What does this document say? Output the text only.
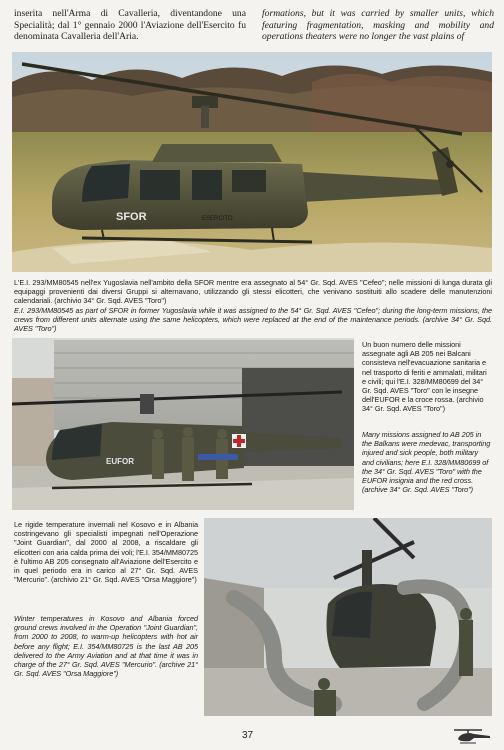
inserita nell'Arma di Cavalleria, diventandone una Specialità; dal 1° gennaio 2000 l'Aviazione dell'Esercito fu denominata Cavalleria dell'Aria.

formations, but it was carried by smaller units, which featuring fragmentation, masking and mobility and operations theaters were no longer the vast plains of

SFOR	ESERCITO

L'E.I. 293/MM80545 nell'ex Yugoslavia nell'ambito della SFOR mentre era assegnato al 54° Gr. Sqd. AVES "Cefeo"; nelle missioni di lunga durata gli equipaggi provenienti dai diversi Gruppi si alternavano, utilizzando gli stessi elicotteri, che venivano sostituiti allo scadere delle manutenzioni calendariali. (archivio 34° Gr. Sqd. AVES "Toro")

E.I. 293/MM80545 as part of SFOR in former Yugoslavia while it was assigned to the 54° Gr. Sqd. AVES "Cefeo"; during the long-term missions, the crews from different units alternate using the same helicopters, which were replaced at the end of the maintenance periods. (archive 34° Gr. Sqd. AVES "Toro")

EUFOR

Un buon numero delle missioni assegnate agli AB 205 nei Balcani consisteva nell'evacuazione sanitaria e nel trasporto di feriti e ammalati, militari e civili; qui l'E.I. 328/MM80699 del 34° Gr. Sqd. AVES "Toro" con le insegne dell'EUFOR e la croce rossa. (archivio 34° Gr. Sqd. AVES "Toro")

Many missions assigned to AB 205 in the Balkans were medevac, transporting injured and sick people, both military and civilians; here E.I. 328/MM80699 of the 34° Gr. Sqd. AVES "Toro" with the EUFOR insignia and the red cross. (archive 34° Gr. Sqd. AVES "Toro")

Le rigide temperature invernali nel Kosovo e in Albania costringevano gli specialisti impegnati nell'Operazione "Joint Guardian", dal 2000 al 2008, a riscaldare gli elicotteri con aria calda prima dei voli; l'E.I. 354/MM80725 è l'ultimo AB 205 consegnato all'Aviazione dell'Esercito e in quel periodo era in carico al 27° Gr. Sqd. AVES "Mercurio". (archivio 21° Gr. Sqd. AVES "Orsa Maggiore")

Winter temperatures in Kosovo and Albania forced ground crews involved in the Operation "Joint Guardian", from 2000 to 2008, to warm-up helicopters with hot air before any flight; E.I. 354/MM80725 is the last AB 205 delivered to the Army Aviation and at that time it was in charge of the 27° Gr. Sqd. AVES "Mercurio". (archive 21° Gr. Sqd. AVES "Orsa Maggiore")

37
